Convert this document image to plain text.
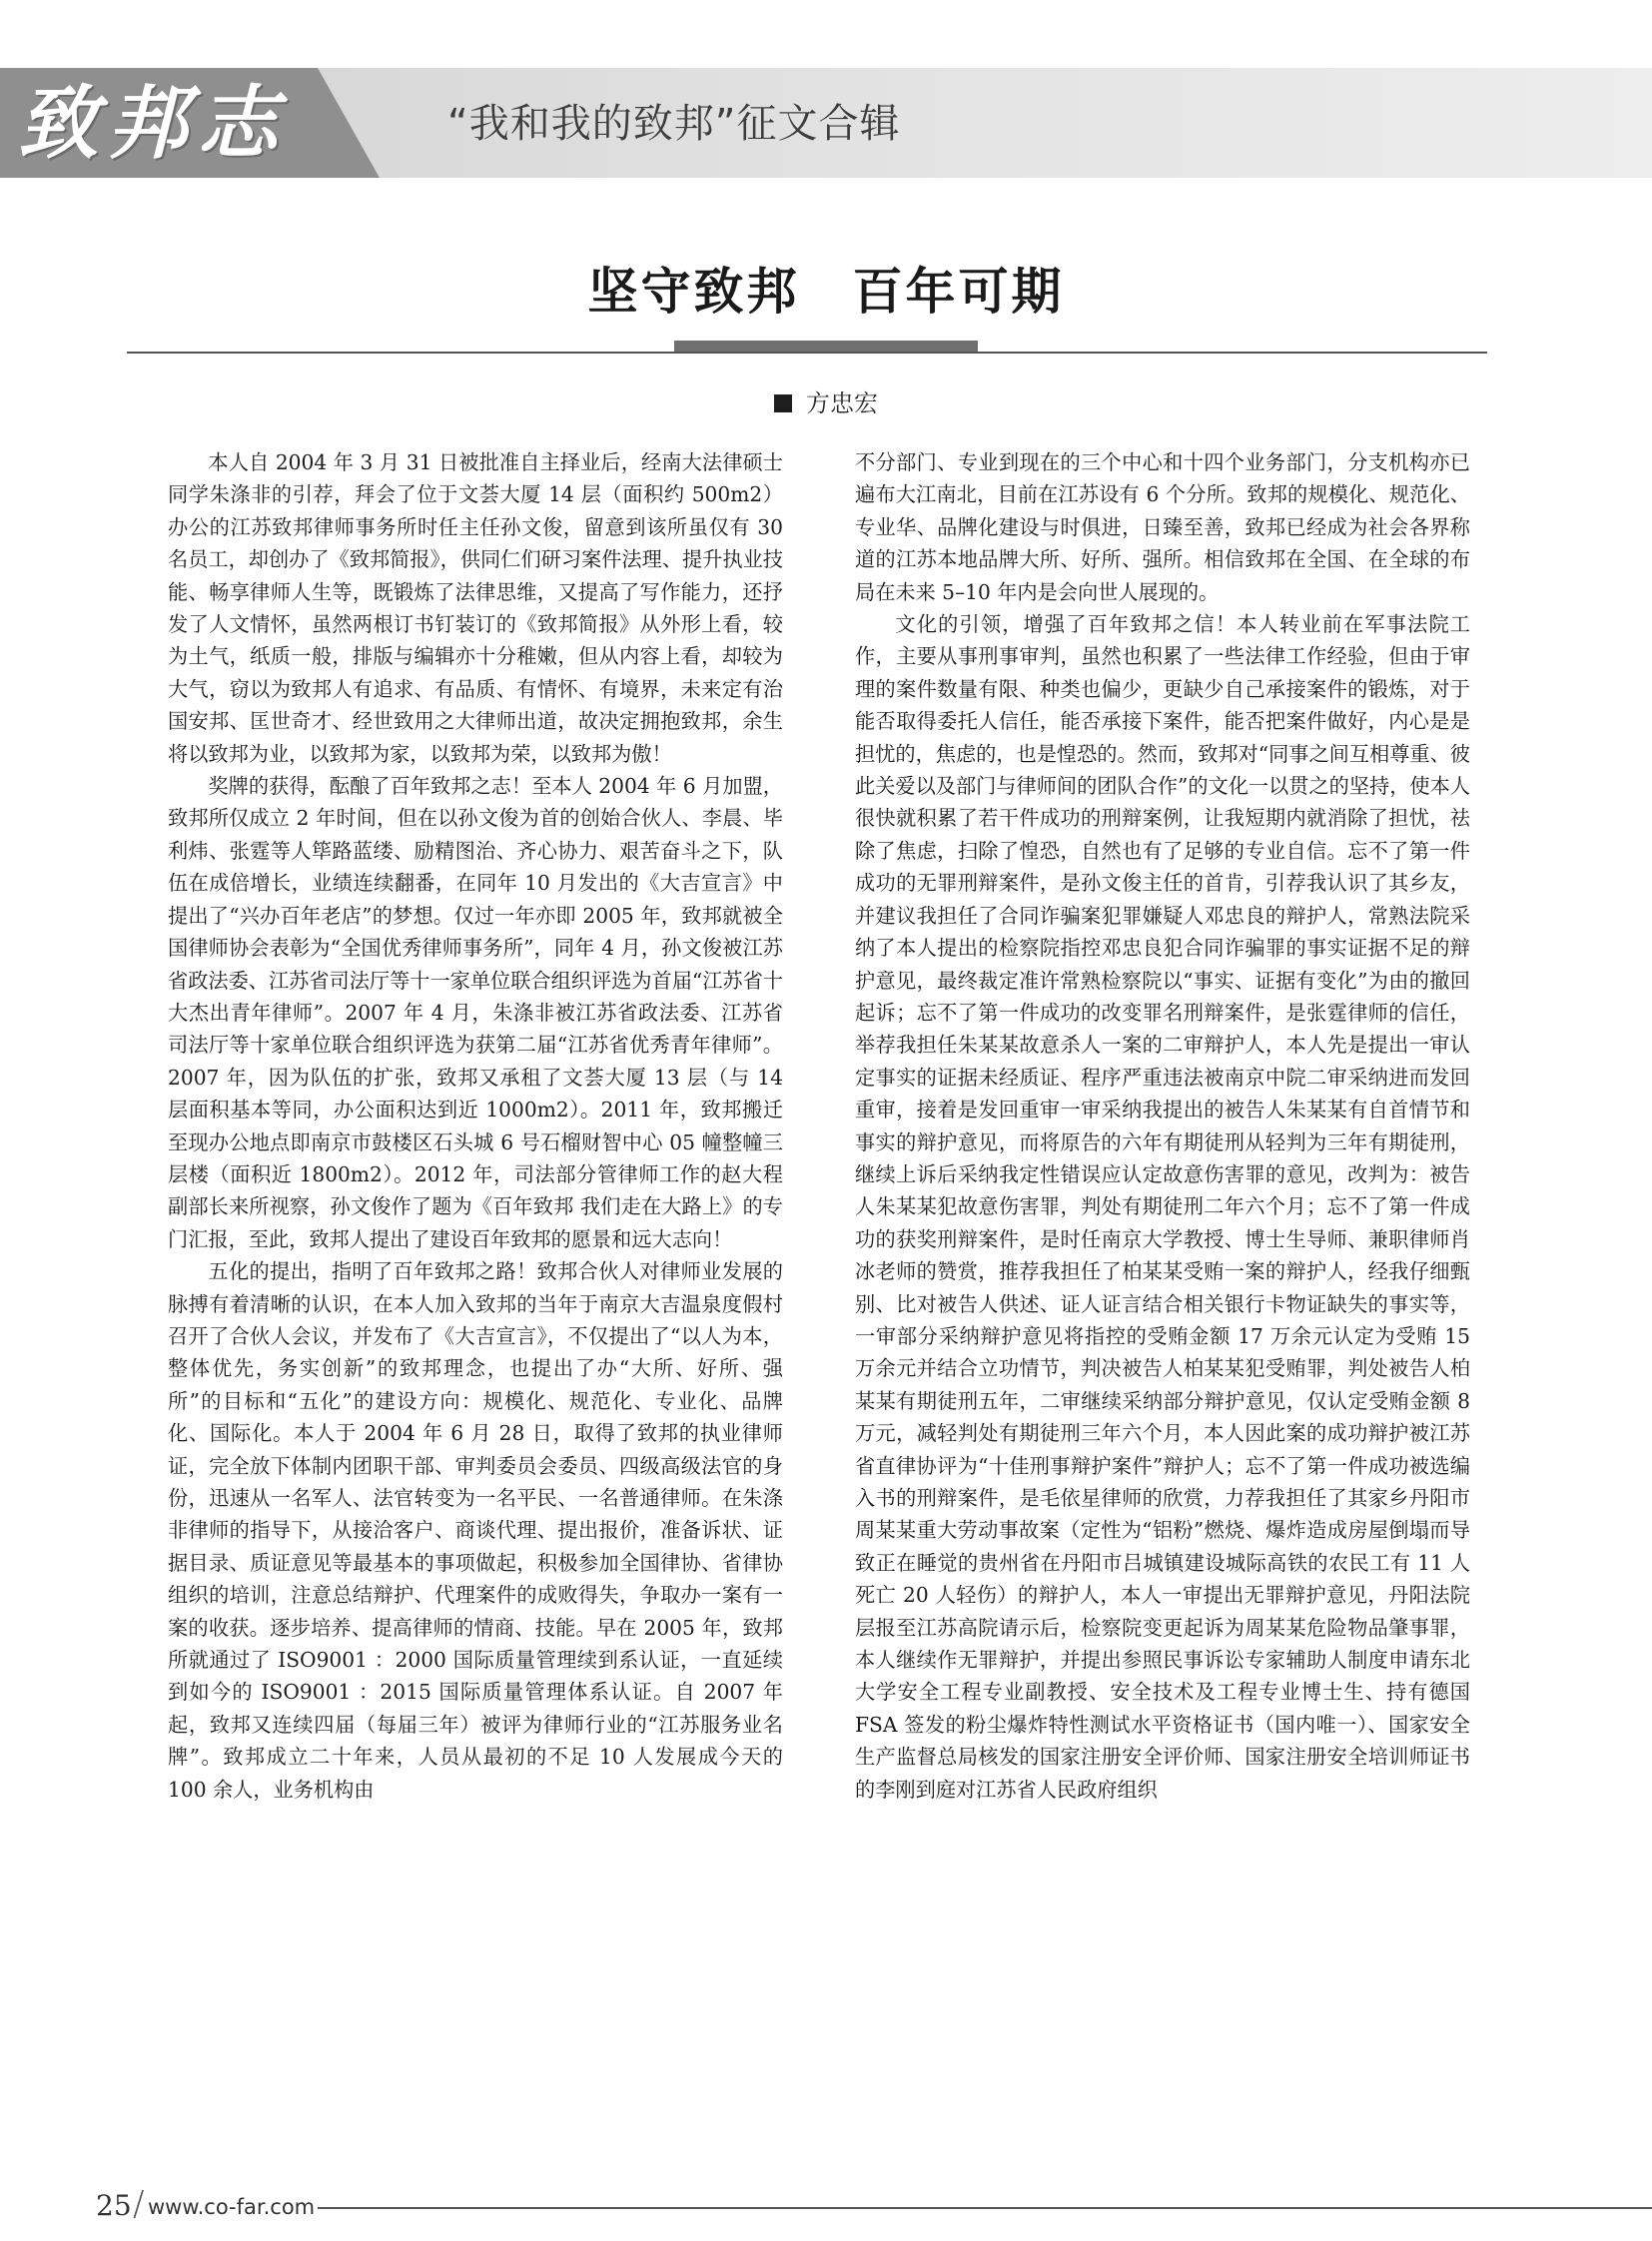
致邦志	“我和我的致邦”征文合辑
坚守致邦　百年可期
方忠宏

本人自 2004 年 3 月 31 日被批准自主择业后，经南大法律硕士同学朱涤非的引荐，拜会了位于文荟大厦 14 层（面积约 500m2）办公的江苏致邦律师事务所时任主任孙文俊，留意到该所虽仅有 30 名员工，却创办了《致邦简报》，供同仁们研习案件法理、提升执业技能、畅享律师人生等，既锻炼了法律思维，又提高了写作能力，还抒发了人文情怀，虽然两根订书钉装订的《致邦简报》从外形上看，较为土气，纸质一般，排版与编辑亦十分稚嫩，但从内容上看，却较为大气，窃以为致邦人有追求、有品质、有情怀、有境界，未来定有治国安邦、匡世奇才、经世致用之大律师出道，故决定拥抱致邦，余生将以致邦为业，以致邦为家，以致邦为荣，以致邦为傲！

奖牌的获得，酝酿了百年致邦之志！至本人 2004 年 6 月加盟，致邦所仅成立 2 年时间，但在以孙文俊为首的创始合伙人、李晨、毕利炜、张霆等人筚路蓝缕、励精图治、齐心协力、艰苦奋斗之下，队伍在成倍增长，业绩连续翻番，在同年 10 月发出的《大吉宣言》中提出了“兴办百年老店”的梦想。仅过一年亦即 2005 年，致邦就被全国律师协会表彰为“全国优秀律师事务所”，同年 4 月，孙文俊被江苏省政法委、江苏省司法厅等十一家单位联合组织评选为首届“江苏省十大杰出青年律师”。2007 年 4 月，朱涤非被江苏省政法委、江苏省司法厅等十家单位联合组织评选为获第二届“江苏省优秀青年律师”。2007 年，因为队伍的扩张，致邦又承租了文荟大厦 13 层（与 14 层面积基本等同，办公面积达到近 1000m2）。2011 年，致邦搬迁至现办公地点即南京市鼓楼区石头城 6 号石榴财智中心 05 幢整幢三层楼（面积近 1800m2）。2012 年，司法部分管律师工作的赵大程副部长来所视察，孙文俊作了题为《百年致邦 我们走在大路上》的专门汇报，至此，致邦人提出了建设百年致邦的愿景和远大志向！

五化的提出，指明了百年致邦之路！致邦合伙人对律师业发展的脉搏有着清晰的认识，在本人加入致邦的当年于南京大吉温泉度假村召开了合伙人会议，并发布了《大吉宣言》，不仅提出了“以人为本，整体优先，务实创新”的致邦理念，也提出了办“大所、好所、强所”的目标和“五化”的建设方向：规模化、规范化、专业化、品牌化、国际化。本人于 2004 年 6 月 28 日，取得了致邦的执业律师证，完全放下体制内团职干部、审判委员会委员、四级高级法官的身份，迅速从一名军人、法官转变为一名平民、一名普通律师。在朱涤非律师的指导下，从接洽客户、商谈代理、提出报价，准备诉状、证据目录、质证意见等最基本的事项做起，积极参加全国律协、省律协组织的培训，注意总结辩护、代理案件的成败得失，争取办一案有一案的收获。逐步培养、提高律师的情商、技能。早在 2005 年，致邦所就通过了 ISO9001 ：2000 国际质量管理续到系认证，一直延续到如今的 ISO9001 ：2015 国际质量管理体系认证。自 2007 年起，致邦又连续四届（每届三年）被评为律师行业的“江苏服务业名牌”。致邦成立二十年来，人员从最初的不足 10 人发展成今天的 100 余人，业务机构由

不分部门、专业到现在的三个中心和十四个业务部门，分支机构亦已遍布大江南北，目前在江苏设有 6 个分所。致邦的规模化、规范化、专业华、品牌化建设与时俱进，日臻至善，致邦已经成为社会各界称道的江苏本地品牌大所、好所、强所。相信致邦在全国、在全球的布局在未来 5–10 年内是会向世人展现的。

文化的引领，增强了百年致邦之信！本人转业前在军事法院工作，主要从事刑事审判，虽然也积累了一些法律工作经验，但由于审理的案件数量有限、种类也偏少，更缺少自己承接案件的锻炼，对于能否取得委托人信任，能否承接下案件，能否把案件做好，内心是是担忧的，焦虑的，也是惶恐的。然而，致邦对“同事之间互相尊重、彼此关爱以及部门与律师间的团队合作”的文化一以贯之的坚持，使本人很快就积累了若干件成功的刑辩案例，让我短期内就消除了担忧，祛除了焦虑，扫除了惶恐，自然也有了足够的专业自信。忘不了第一件成功的无罪刑辩案件，是孙文俊主任的首肯，引荐我认识了其乡友，并建议我担任了合同诈骗案犯罪嫌疑人邓忠良的辩护人，常熟法院采纳了本人提出的检察院指控邓忠良犯合同诈骗罪的事实证据不足的辩护意见，最终裁定准许常熟检察院以“事实、证据有变化”为由的撤回起诉；忘不了第一件成功的改变罪名刑辩案件，是张霆律师的信任，举荐我担任朱某某故意杀人一案的二审辩护人，本人先是提出一审认定事实的证据未经质证、程序严重违法被南京中院二审采纳进而发回重审，接着是发回重审一审采纳我提出的被告人朱某某有自首情节和事实的辩护意见，而将原告的六年有期徒刑从轻判为三年有期徒刑，继续上诉后采纳我定性错误应认定故意伤害罪的意见，改判为：被告人朱某某犯故意伤害罪，判处有期徒刑二年六个月；忘不了第一件成功的获奖刑辩案件，是时任南京大学教授、博士生导师、兼职律师肖冰老师的赞赏，推荐我担任了柏某某受贿一案的辩护人，经我仔细甄别、比对被告人供述、证人证言结合相关银行卡物证缺失的事实等，一审部分采纳辩护意见将指控的受贿金额 17 万余元认定为受贿 15 万余元并结合立功情节，判决被告人柏某某犯受贿罪，判处被告人柏某某有期徒刑五年，二审继续采纳部分辩护意见，仅认定受贿金额 8 万元，减轻判处有期徒刑三年六个月，本人因此案的成功辩护被江苏省直律协评为“十佳刑事辩护案件”辩护人；忘不了第一件成功被选编入书的刑辩案件，是毛依星律师的欣赏，力荐我担任了其家乡丹阳市周某某重大劳动事故案（定性为“铝粉”燃烧、爆炸造成房屋倒塌而导致正在睡觉的贵州省在丹阳市吕城镇建设城际高铁的农民工有 11 人死亡 20 人轻伤）的辩护人，本人一审提出无罪辩护意见，丹阳法院层报至江苏高院请示后，检察院变更起诉为周某某危险物品肇事罪，本人继续作无罪辩护，并提出参照民事诉讼专家辅助人制度申请东北大学安全工程专业副教授、安全技术及工程专业博士生、持有德国 FSA 签发的粉尘爆炸特性测试水平资格证书（国内唯一）、国家安全生产监督总局核发的国家注册安全评价师、国家注册安全培训师证书的李刚到庭对江苏省人民政府组织

25 / www.co-far.com
